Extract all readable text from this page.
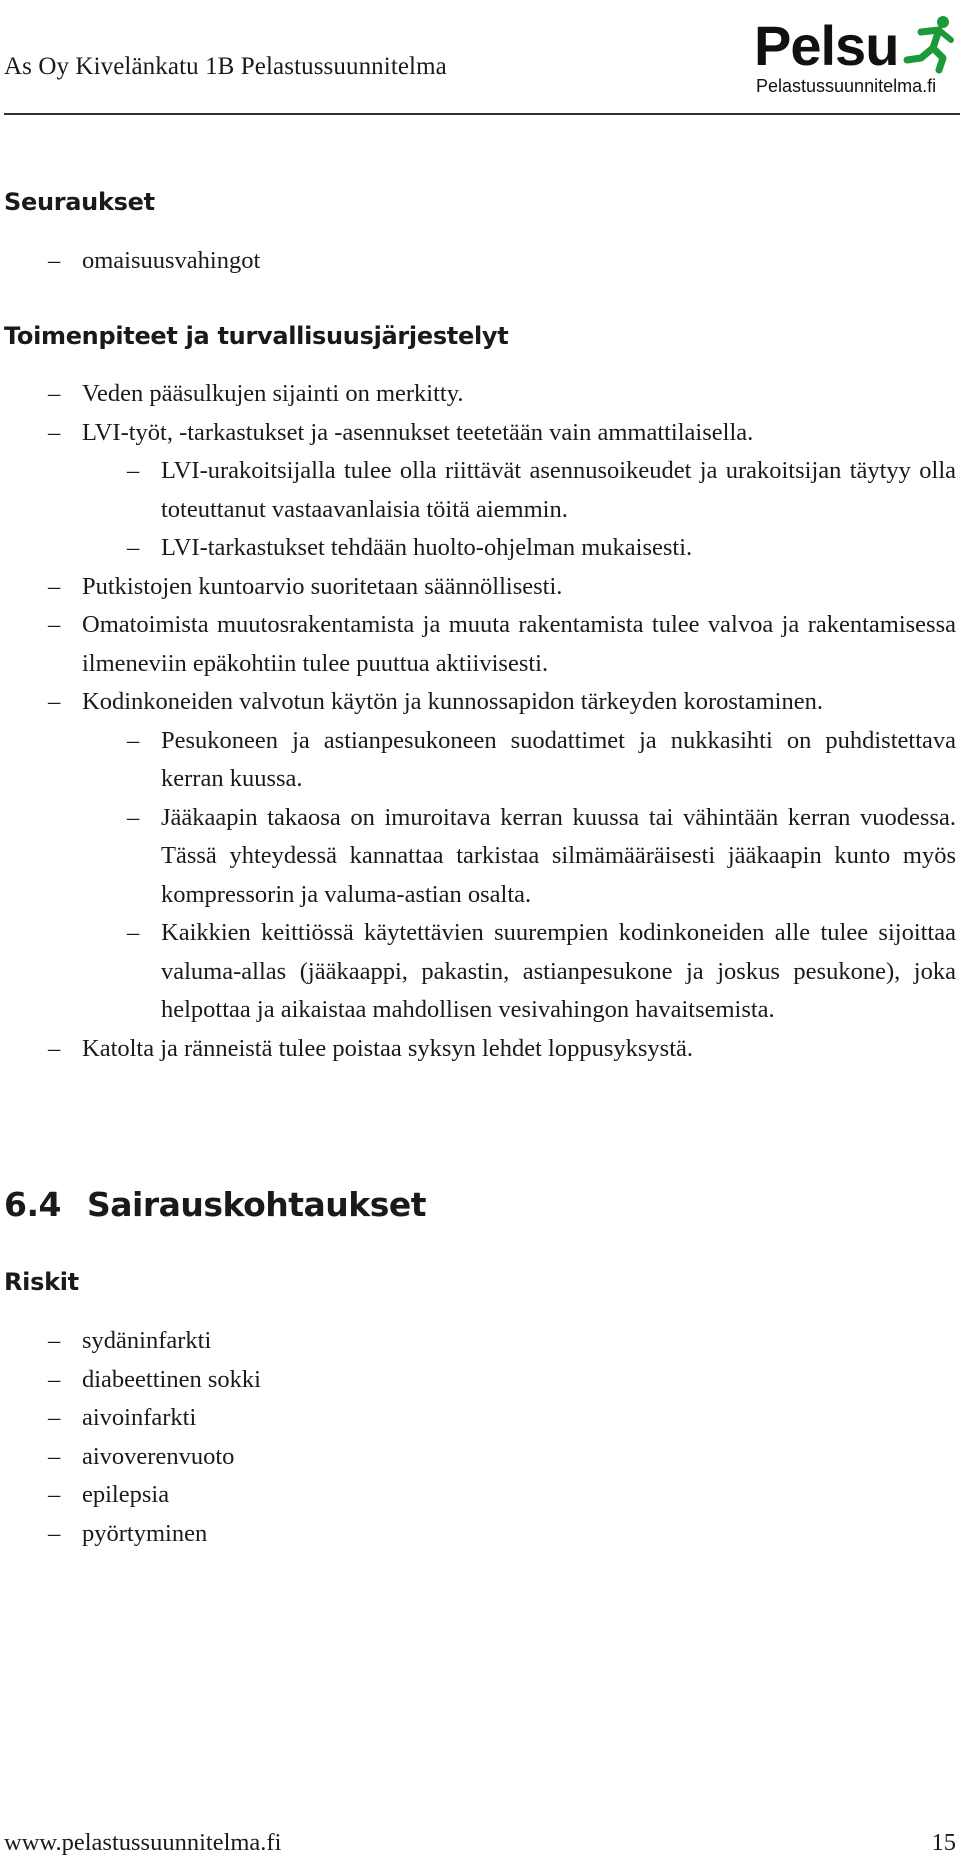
As Oy Kivelänkatu 1B Pelastussuunnitelma	Pelsu
Pelastussuunnitelma.fi
Seuraukset
– omaisuusvahingot
Toimenpiteet ja turvallisuusjärjestelyt
– Veden pääsulkujen sijainti on merkitty.
– LVI-työt, -tarkastukset ja -asennukset teetetään vain ammattilaisella.
– LVI-urakoitsijalla tulee olla riittävät asennusoikeudet ja urakoitsijan täytyy olla toteuttanut vastaavanlaisia töitä aiemmin.
– LVI-tarkastukset tehdään huolto-ohjelman mukaisesti.
– Putkistojen kuntoarvio suoritetaan säännöllisesti.
– Omatoimista muutosrakentamista ja muuta rakentamista tulee valvoa ja rakentamisessa ilmeneviin epäkohtiin tulee puuttua aktiivisesti.
– Kodinkoneiden valvotun käytön ja kunnossapidon tärkeyden korostaminen.
– Pesukoneen ja astianpesukoneen suodattimet ja nukkasihti on puhdistettava kerran kuussa.
– Jääkaapin takaosa on imuroitava kerran kuussa tai vähintään kerran vuodessa. Tässä yhteydessä kannattaa tarkistaa silmämääräisesti jääkaapin kunto myös kompressorin ja valuma-astian osalta.
– Kaikkien keittiössä käytettävien suurempien kodinkoneiden alle tulee sijoittaa valuma-allas (jääkaappi, pakastin, astianpesukone ja joskus pesukone), joka helpottaa ja aikaistaa mahdollisen vesivahingon havaitsemista.
– Katolta ja ränneistä tulee poistaa syksyn lehdet loppusyksystä.
6.4 Sairauskohtaukset
Riskit
– sydäninfarkti
– diabeettinen sokki
– aivoinfarkti
– aivoverenvuoto
– epilepsia
– pyörtyminen
www.pelastussuunnitelma.fi	15
